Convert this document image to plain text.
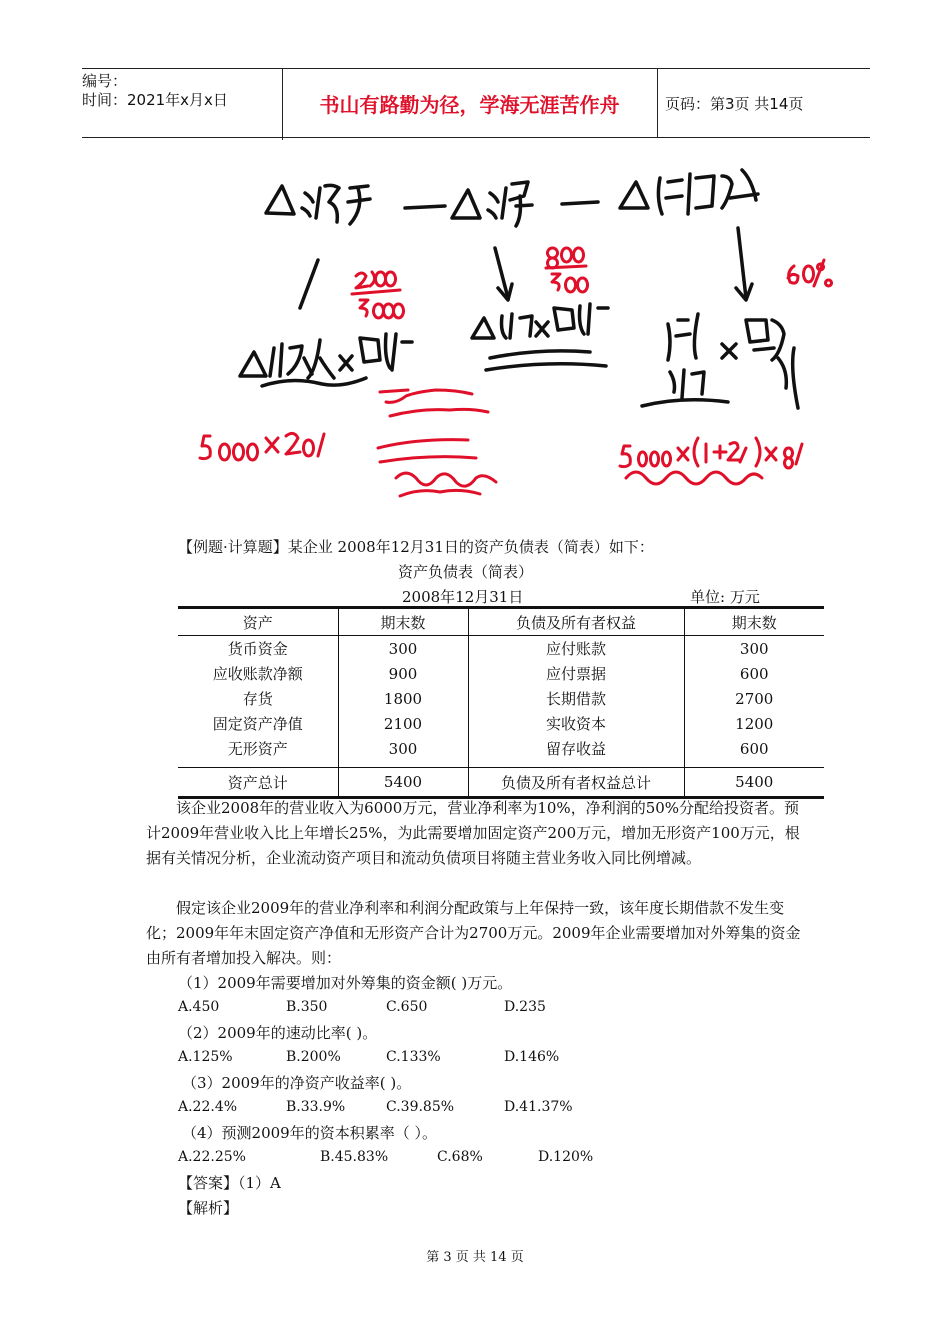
编号：
时间：2021年x月x日	书山有路勤为径，学海无涯苦作舟	页码：第3页 共14页
【例题·计算题】某企业 2008年12月31日的资产负债表（简表）如下：
资产负债表（简表）
2008年12月31日	单位: 万元
资产	期末数	负债及所有者权益	期末数
货币资金	300	应付账款	300
应收账款净额	900	应付票据	600
存货	1800	长期借款	2700
固定资产净值	2100	实收资本	1200
无形资产	300	留存收益	600

资产总计	5400	负债及所有者权益总计	5400

该企业2008年的营业收入为6000万元，营业净利率为10%，净利润的50%分配给投资者。预计2009年营业收入比上年增长25%，为此需要增加固定资产200万元，增加无形资产100万元，根据有关情况分析，企业流动资产项目和流动负债项目将随主营业务收入同比例增减。

假定该企业2009年的营业净利率和利润分配政策与上年保持一致，该年度长期借款不发生变化；2009年年末固定资产净值和无形资产合计为2700万元。2009年企业需要增加对外筹集的资金由所有者增加投入解决。则：

（1）2009年需要增加对外筹集的资金额( )万元。
A.450	B.350	C.650	D.235
（2）2009年的速动比率( )。
A.125%	B.200%	C.133%	D.146%
（3）2009年的净资产收益率( )。
A.22.4%	B.33.9%	C.39.85%	D.41.37%
（4）预测2009年的资本积累率（ ）。
A.22.25%	B.45.83%	C.68%	D.120%
【答案】（1）A
【解析】
第 3 页 共 14 页
